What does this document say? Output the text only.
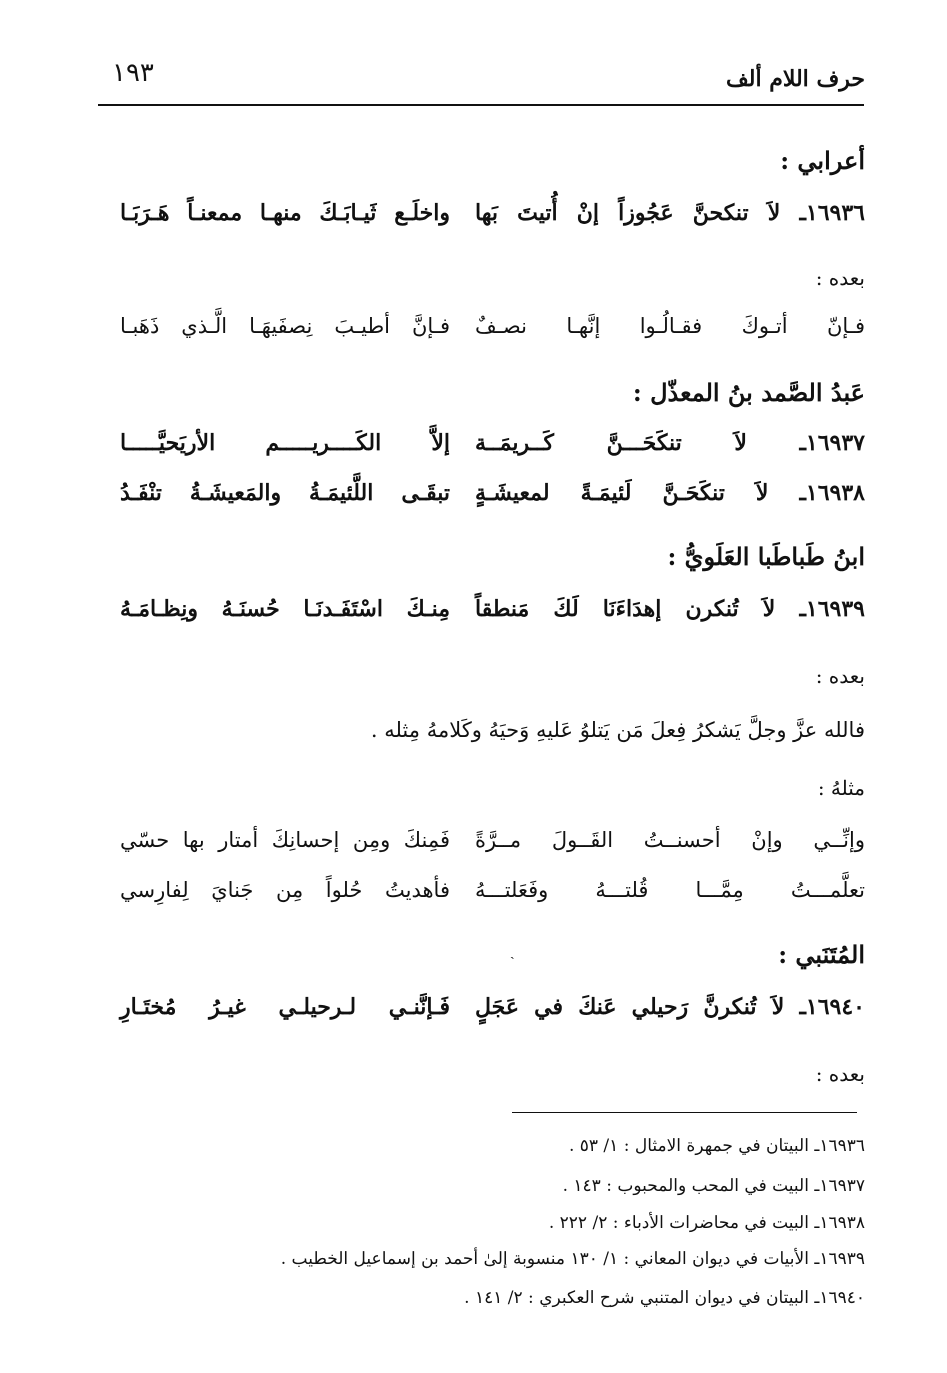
حرف اللام ألف
١٩٣
أعرابي :
١٦٩٣٦ـ لاَ تنكحنَّ عَجُوزاً إنْ أُتيتَ بَها
واخلَـع ثَيـابَـكَ منهـا ممعنـاً هَـرَبَـا
بعده :
فـإنّ أتـوكَ فقـالُـوا إنَّهـا نصـفٌ
فـإنَّ أطيـبَ نِصفَيهَـا الَّـذي ذَهَبـا
عَبدُ الصَّمد بنُ المعذّل :
١٦٩٣٧ـ لاَ تنكَحَـــنَّ كَــريمَــة
إلاَّ الكَــــريـــــم الأريَحيَّـــــا
١٦٩٣٨ـ لاَ تنكَحَـنَّ لَئيمَـةً لمعيشَـةٍ
تبقَـى اللَّئيمَـةُ والمَعيشَـةُ تنْفَـدُ
ابنُ طَباطَبا العَلَويُّ :
١٦٩٣٩ـ لاَ تُنكرن إهدَاءَنَا لَكَ مَنطقاً
مِنـكَ اسْتَفَـدنَـا حُسنَـهُ ونِظـامَـهُ
بعده :
فالله عزَّ وجلَّ يَشكرُ فِعلَ مَن يَتلوُ عَليهِ وَحيَهُ وكَلامهُ مِثله .
مثلهُ :
وإنِّــي وإنْ أحسنــتُ القَــولَ مــرَّةً
فَمِنكَ ومِن إحسانِكَ أمتار بها حسّي
تعلَّمـــتُ مِمَّـــا قُلتـــهُ وفَعَلتـــهُ
فأهديتُ حُلواً مِن جَنايَ لِفارِسي
المُتَنَبي :
ˏ
١٦٩٤٠ـ لاَ تُنكرنَّ رَحيلي عَنكَ في عَجَلٍ
فَـإنَّنـي لـرحيلـي غيـرُ مُختَـارِ
بعده :
١٦٩٣٦ـ البيتان في جمهرة الامثال : ١/ ٥٣ .
١٦٩٣٧ـ البيت في المحب والمحبوب : ١٤٣ .
١٦٩٣٨ـ البيت في محاضرات الأدباء : ٢/ ٢٢٢ .
١٦٩٣٩ـ الأبيات في ديوان المعاني : ١/ ١٣٠ منسوبة إلىٰ أحمد بن إسماعيل الخطيب .
١٦٩٤٠ـ البيتان في ديوان المتنبي شرح العكبري : ٢/ ١٤١ .
